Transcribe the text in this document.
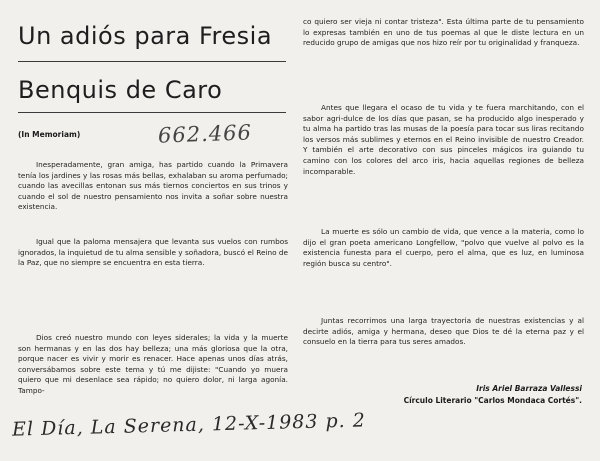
Un adiós para Fresia
Benquis de Caro
(In Memoriam)	662.466

Inesperadamente, gran amiga, has partido cuando la Primavera tenía los jardines y las rosas más bellas, exhalaban su aroma perfumado; cuando las avecillas entonan sus más tiernos conciertos en sus trinos y cuando el sol de nuestro pensamiento nos invita a soñar sobre nuestra existencia.

Igual que la paloma mensajera que levanta sus vuelos con rumbos ignorados, la inquietud de tu alma sensible y soñadora, buscó el Reino de la Paz, que no siempre se encuentra en esta tierra.

Dios creó nuestro mundo con leyes siderales; la vida y la muerte son hermanas y en las dos hay belleza; una más gloriosa que la otra, porque nacer es vivir y morir es renacer. Hace apenas unos días atrás, conversábamos sobre este tema y tú me dijiste: "Cuando yo muera quiero que mi desenlace sea rápido; no quiero dolor, ni larga agonía. Tampo-

co quiero ser vieja ni contar tristeza". Esta última parte de tu pensamiento lo expresas también en uno de tus poemas al que le diste lectura en un reducido grupo de amigas que nos hizo reír por tu originalidad y franqueza.

Antes que llegara el ocaso de tu vida y te fuera marchitando, con el sabor agri-dulce de los días que pasan, se ha producido algo inesperado y tu alma ha partido tras las musas de la poesía para tocar sus liras recitando los versos más sublimes y eternos en el Reino invisible de nuestro Creador. Y también el arte decorativo con sus pinceles mágicos ira guiando tu camino con los colores del arco iris, hacia aquellas regiones de belleza incomparable.

La muerte es sólo un cambio de vida, que vence a la materia, como lo dijo el gran poeta americano Longfellow, "polvo que vuelve al polvo es la existencia funesta para el cuerpo, pero el alma, que es luz, en luminosa región busca su centro".

Juntas recorrimos una larga trayectoria de nuestras existencias y al decirte adiós, amiga y hermana, deseo que Dios te dé la eterna paz y el consuelo en la tierra para tus seres amados.

Iris Ariel Barraza Vallessi
Círculo Literario "Carlos Mondaca Cortés".
El Día, La Serena, 12-X-1983 p. 2
